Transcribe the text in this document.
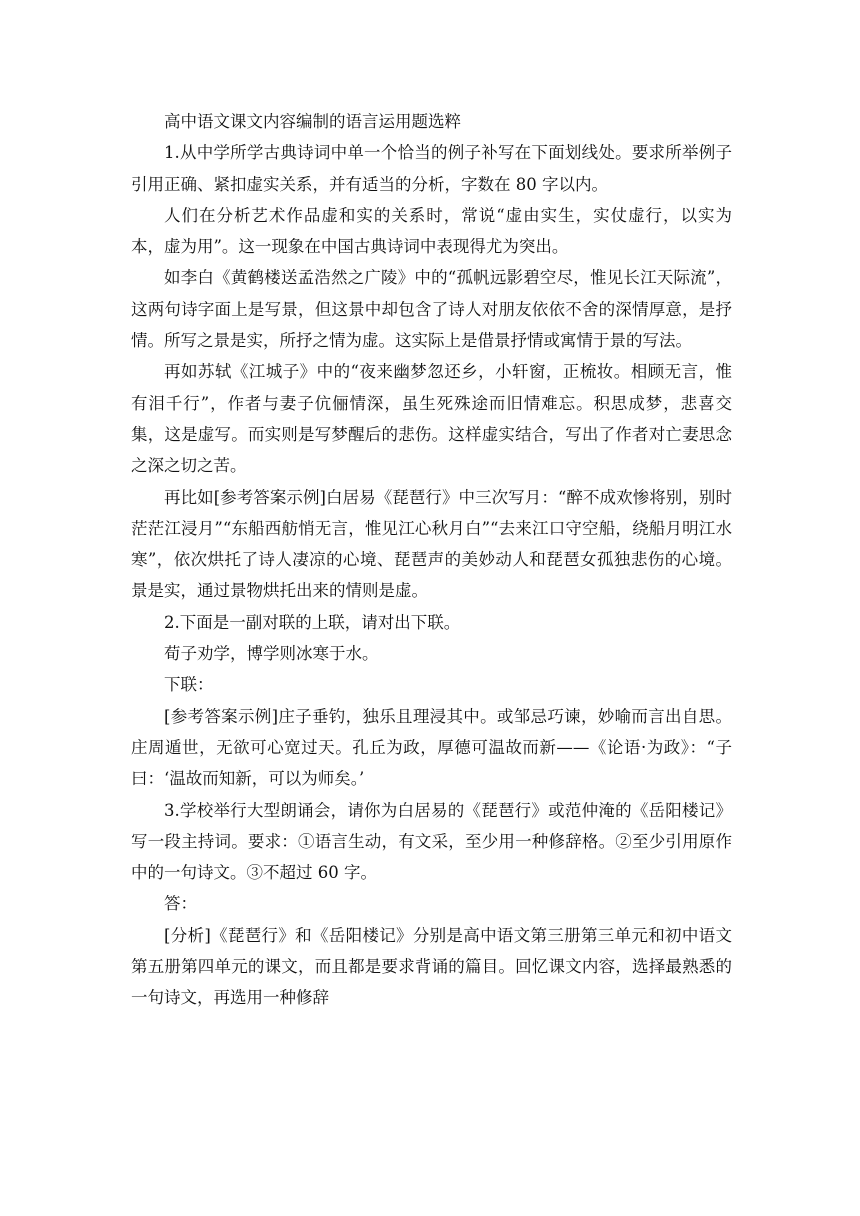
高中语文课文内容编制的语言运用题选粹

1.从中学所学古典诗词中单一个恰当的例子补写在下面划线处。要求所举例子引用正确、紧扣虚实关系，并有适当的分析，字数在 80 字以内。

人们在分析艺术作品虚和实的关系时，常说“虚由实生，实仗虚行，以实为本，虚为用”。这一现象在中国古典诗词中表现得尤为突出。

如李白《黄鹤楼送孟浩然之广陵》中的“孤帆远影碧空尽，惟见长江天际流”，这两句诗字面上是写景，但这景中却包含了诗人对朋友依依不舍的深情厚意，是抒情。所写之景是实，所抒之情为虚。这实际上是借景抒情或寓情于景的写法。

再如苏轼《江城子》中的“夜来幽梦忽还乡，小轩窗，正梳妆。相顾无言，惟有泪千行”，作者与妻子伉俪情深，虽生死殊途而旧情难忘。积思成梦，悲喜交集，这是虚写。而实则是写梦醒后的悲伤。这样虚实结合，写出了作者对亡妻思念之深之切之苦。

再比如[参考答案示例]白居易《琵琶行》中三次写月：“醉不成欢惨将别，别时茫茫江浸月”“东船西舫悄无言，惟见江心秋月白”“去来江口守空船，绕船月明江水寒”，依次烘托了诗人凄凉的心境、琵琶声的美妙动人和琵琶女孤独悲伤的心境。景是实，通过景物烘托出来的情则是虚。

2.下面是一副对联的上联，请对出下联。

荀子劝学，博学则冰寒于水。

下联：

[参考答案示例]庄子垂钓，独乐且理浸其中。或邹忌巧谏，妙喻而言出自思。庄周遁世，无欲可心宽过天。孔丘为政，厚德可温故而新——《论语·为政》：“子曰：‘温故而知新，可以为师矣。’

3.学校举行大型朗诵会，请你为白居易的《琵琶行》或范仲淹的《岳阳楼记》写一段主持词。要求：①语言生动，有文采，至少用一种修辞格。②至少引用原作中的一句诗文。③不超过 60 字。

答：

[分析]《琵琶行》和《岳阳楼记》分别是高中语文第三册第三单元和初中语文第五册第四单元的课文，而且都是要求背诵的篇目。回忆课文内容，选择最熟悉的一句诗文，再选用一种修辞
